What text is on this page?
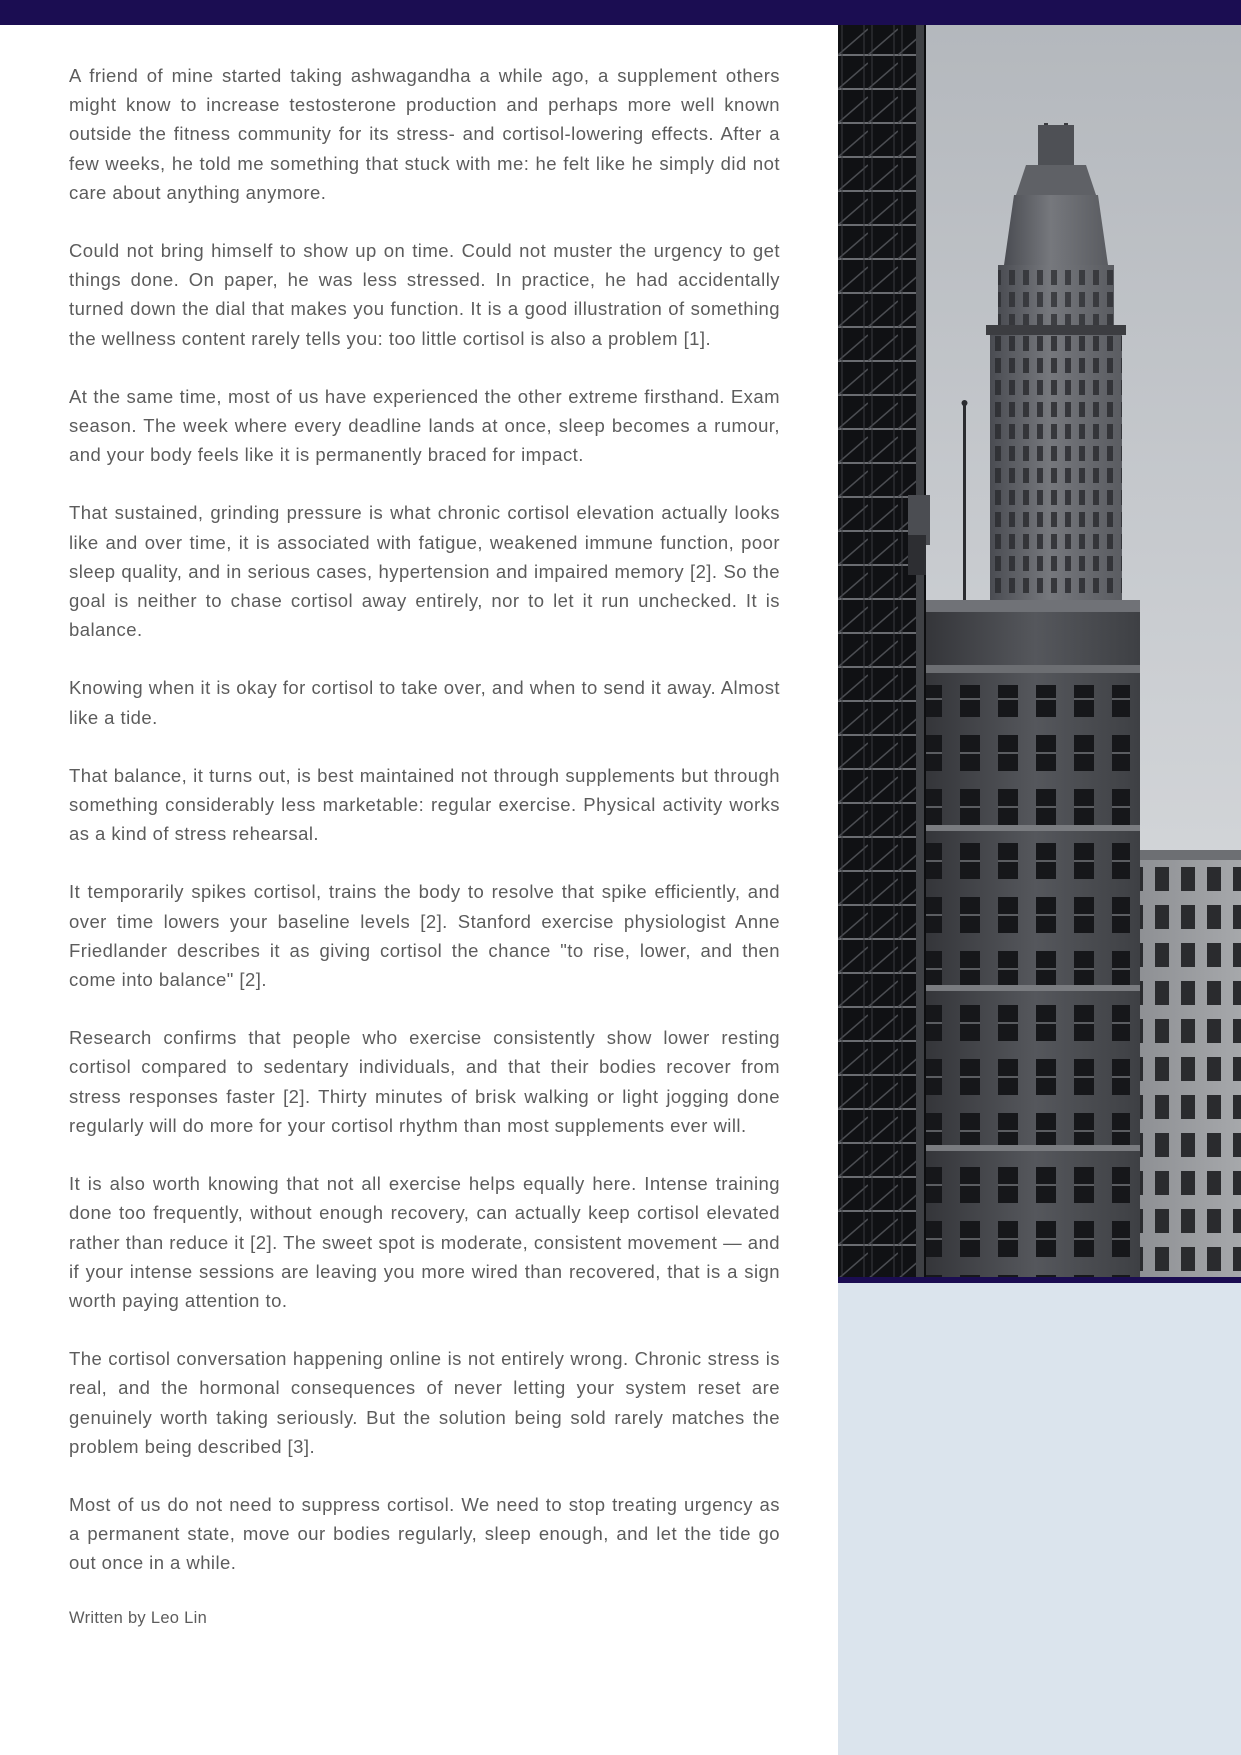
A friend of mine started taking ashwagandha a while ago, a supplement others might know to increase testosterone production and perhaps more well known outside the fitness community for its stress- and cortisol-lowering effects. After a few weeks, he told me something that stuck with me: he felt like he simply did not care about anything anymore.

Could not bring himself to show up on time. Could not muster the urgency to get things done. On paper, he was less stressed. In practice, he had accidentally turned down the dial that makes you function. It is a good illustration of something the wellness content rarely tells you: too little cortisol is also a problem [1].

At the same time, most of us have experienced the other extreme firsthand. Exam season. The week where every deadline lands at once, sleep becomes a rumour, and your body feels like it is permanently braced for impact.

That sustained, grinding pressure is what chronic cortisol elevation actually looks like and over time, it is associated with fatigue, weakened immune function, poor sleep quality, and in serious cases, hypertension and impaired memory [2]. So the goal is neither to chase cortisol away entirely, nor to let it run unchecked. It is balance.

Knowing when it is okay for cortisol to take over, and when to send it away. Almost like a tide.

That balance, it turns out, is best maintained not through supplements but through something considerably less marketable: regular exercise. Physical activity works as a kind of stress rehearsal.

It temporarily spikes cortisol, trains the body to resolve that spike efficiently, and over time lowers your baseline levels [2]. Stanford exercise physiologist Anne Friedlander describes it as giving cortisol the chance "to rise, lower, and then come into balance" [2].

Research confirms that people who exercise consistently show lower resting cortisol compared to sedentary individuals, and that their bodies recover from stress responses faster [2]. Thirty minutes of brisk walking or light jogging done regularly will do more for your cortisol rhythm than most supplements ever will.

It is also worth knowing that not all exercise helps equally here. Intense training done too frequently, without enough recovery, can actually keep cortisol elevated rather than reduce it [2]. The sweet spot is moderate, consistent movement — and if your intense sessions are leaving you more wired than recovered, that is a sign worth paying attention to.

The cortisol conversation happening online is not entirely wrong. Chronic stress is real, and the hormonal consequences of never letting your system reset are genuinely worth taking seriously. But the solution being sold rarely matches the problem being described [3].

Most of us do not need to suppress cortisol. We need to stop treating urgency as a permanent state, move our bodies regularly, sleep enough, and let the tide go out once in a while.

Written by Leo Lin
